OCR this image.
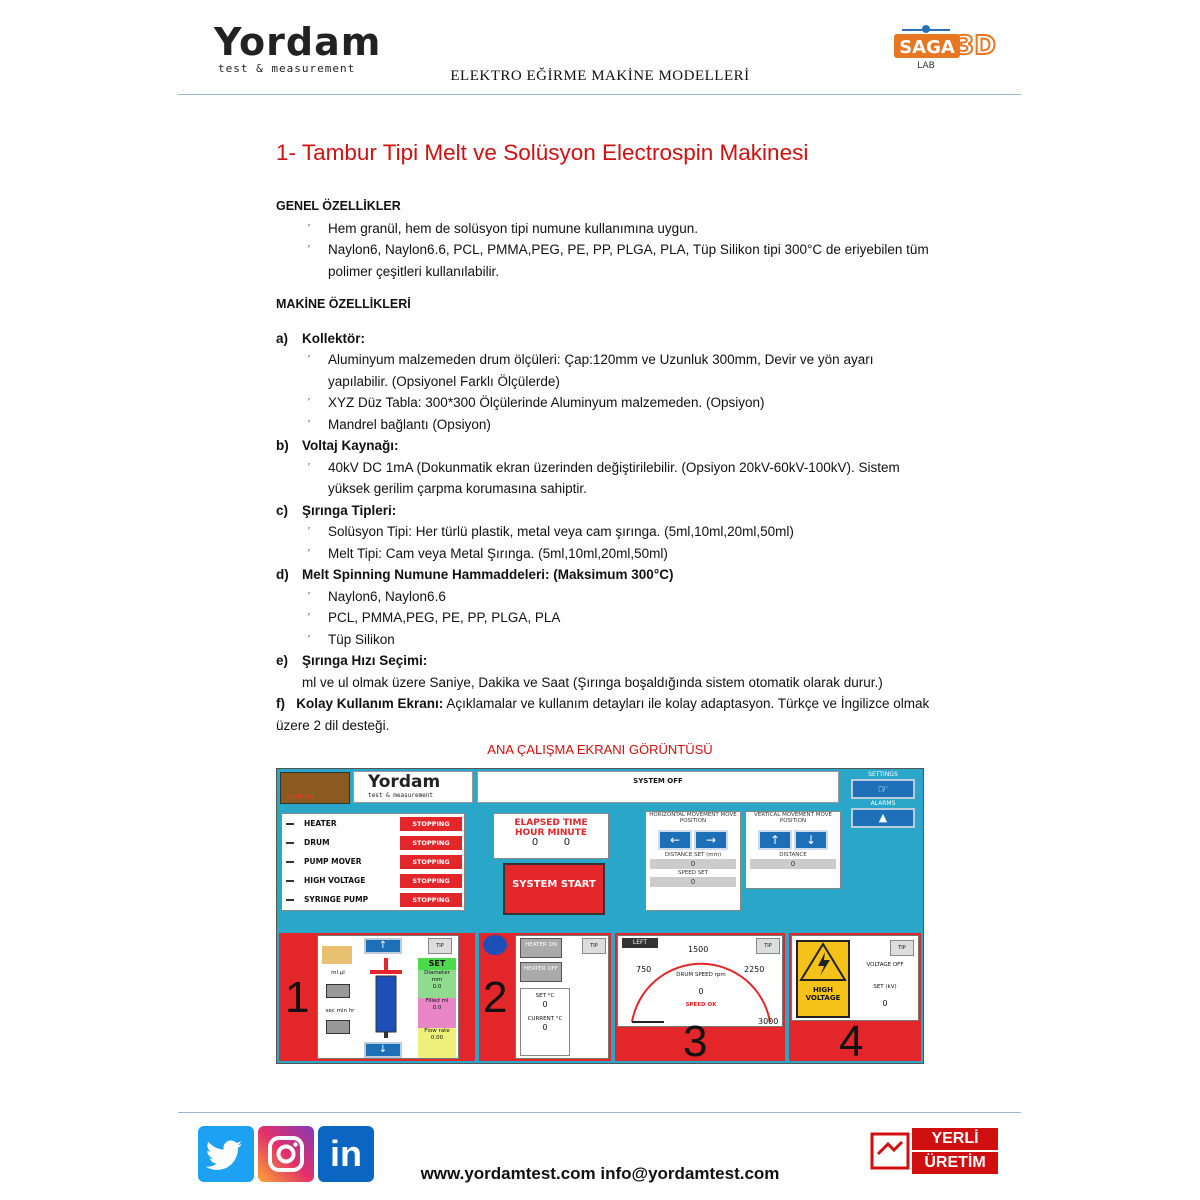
Yordam
test & measurement
SAGA 3D
LAB
ELEKTRO EĞİRME MAKİNE MODELLERİ
1- Tambur Tipi Melt ve Solüsyon Electrospin Makinesi

GENEL ÖZELLİKLER

′ Hem granül, hem de solüsyon tipi numune kullanımına uygun.
′ Naylon6, Naylon6.6, PCL, PMMA,PEG, PE, PP, PLGA, PLA, Tüp Silikon tipi 300°C de eriyebilen tüm polimer çeşitleri kullanılabilir.

MAKİNE ÖZELLİKLERİ

a)	Kollektör:
′ Aluminyum malzemeden drum ölçüleri: Çap:120mm ve Uzunluk 300mm, Devir ve yön ayarı yapılabilir. (Opsiyonel Farklı Ölçülerde)
′ XYZ Düz Tabla: 300*300 Ölçülerinde Aluminyum malzemeden. (Opsiyon)
′ Mandrel bağlantı (Opsiyon)
b) Voltaj Kaynağı:
′ 40kV DC 1mA (Dokunmatik ekran üzerinden değiştirilebilir. (Opsiyon 20kV-60kV-100kV). Sistem yüksek gerilim çarpma korumasına sahiptir.
c)	Şırınga Tipleri:
′ Solüsyon Tipi: Her türlü plastik, metal veya cam şırınga. (5ml,10ml,20ml,50ml)
′ Melt Tipi: Cam veya Metal Şırınga. (5ml,10ml,20ml,50ml)
d) Melt Spinning Numune Hammaddeleri: (Maksimum 300°C)
′ Naylon6, Naylon6.6
′ PCL, PMMA,PEG, PE, PP, PLGA, PLA
′ Tüp Silikon
e)	Şırınga Hızı Seçimi:
ml ve ul olmak üzere Saniye, Dakika ve Saat (Şırınga boşaldığında sistem otomatik olarak durur.)
f) Kolay Kullanım Ekranı: Açıklamalar ve kullanım detayları ile kolay adaptasyon. Türkçe ve İngilizce olmak üzere 2 dil desteği.
ANA ÇALIŞMA EKRANI GÖRÜNTÜSÜ
LAMP ON
Yordam
test & measurement
SYSTEM OFF
SETTINGS
☞
ALARMS
▲
HEATER	STOPPING
DRUM	STOPPING
PUMP MOVER	STOPPING
HIGH VOLTAGE	STOPPING
SYRINGE PUMP	STOPPING
ELAPSED TIME
HOUR MINUTE
0	0
SYSTEM START
HORIZONTAL MOVEMENT MOVE POSITION
←	→
DISTANCE SET (mm)
0
SPEED SET
0
VERTICAL MOVEMENT MOVE POSITION
↑	↓
DISTANCE
0
1	ml µl
sec min hr
↑
↓
TIP
SET
Diameter mm
0.0
Filled ml
0.0
Flow rate
0.00
2
HEATER ON
HEATER OFF
TIP
SET °C
0
CURRENT °C
0
LEFT	TIP
750
1500
2250
3000
DRUM SPEED rpm
0
SPEED OK
3
HIGH VOLTAGE
TIP
VOLTAGE OFF
SET (kV)
0
4
in	YERLİ
ÜRETİM
www.yordamtest.com info@yordamtest.com
